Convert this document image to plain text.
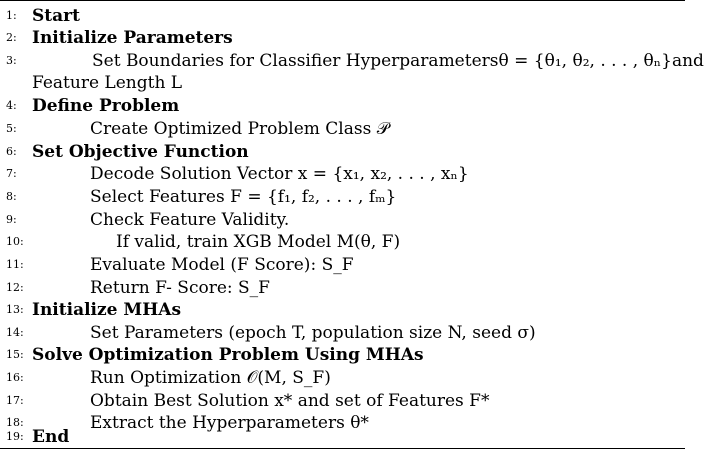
1: Start
2: Initialize Parameters
3:	Set Boundaries for Classifier Hyperparameters θ = {θ₁, θ₂, . . . , θₙ} and
Feature Length L
4: Define Problem
5:	Create Optimized Problem Class 𝒫
6: Set Objective Function
7:	Decode Solution Vector x = {x₁, x₂, . . . , xₙ}
8:	Select Features F = {f₁, f₂, . . . , fₘ}
9:	Check Feature Validity.
10:	If valid, train XGB Model M(θ, F)
11:	Evaluate Model (F Score): S_F
12:	Return F- Score: S_F
13: Initialize MHAs
14:	Set Parameters (epoch T, population size N, seed σ)
15: Solve Optimization Problem Using MHAs
16:	Run Optimization 𝒪(M, S_F)
17:	Obtain Best Solution x* and set of Features F*
18:	Extract the Hyperparameters θ*
19: End
